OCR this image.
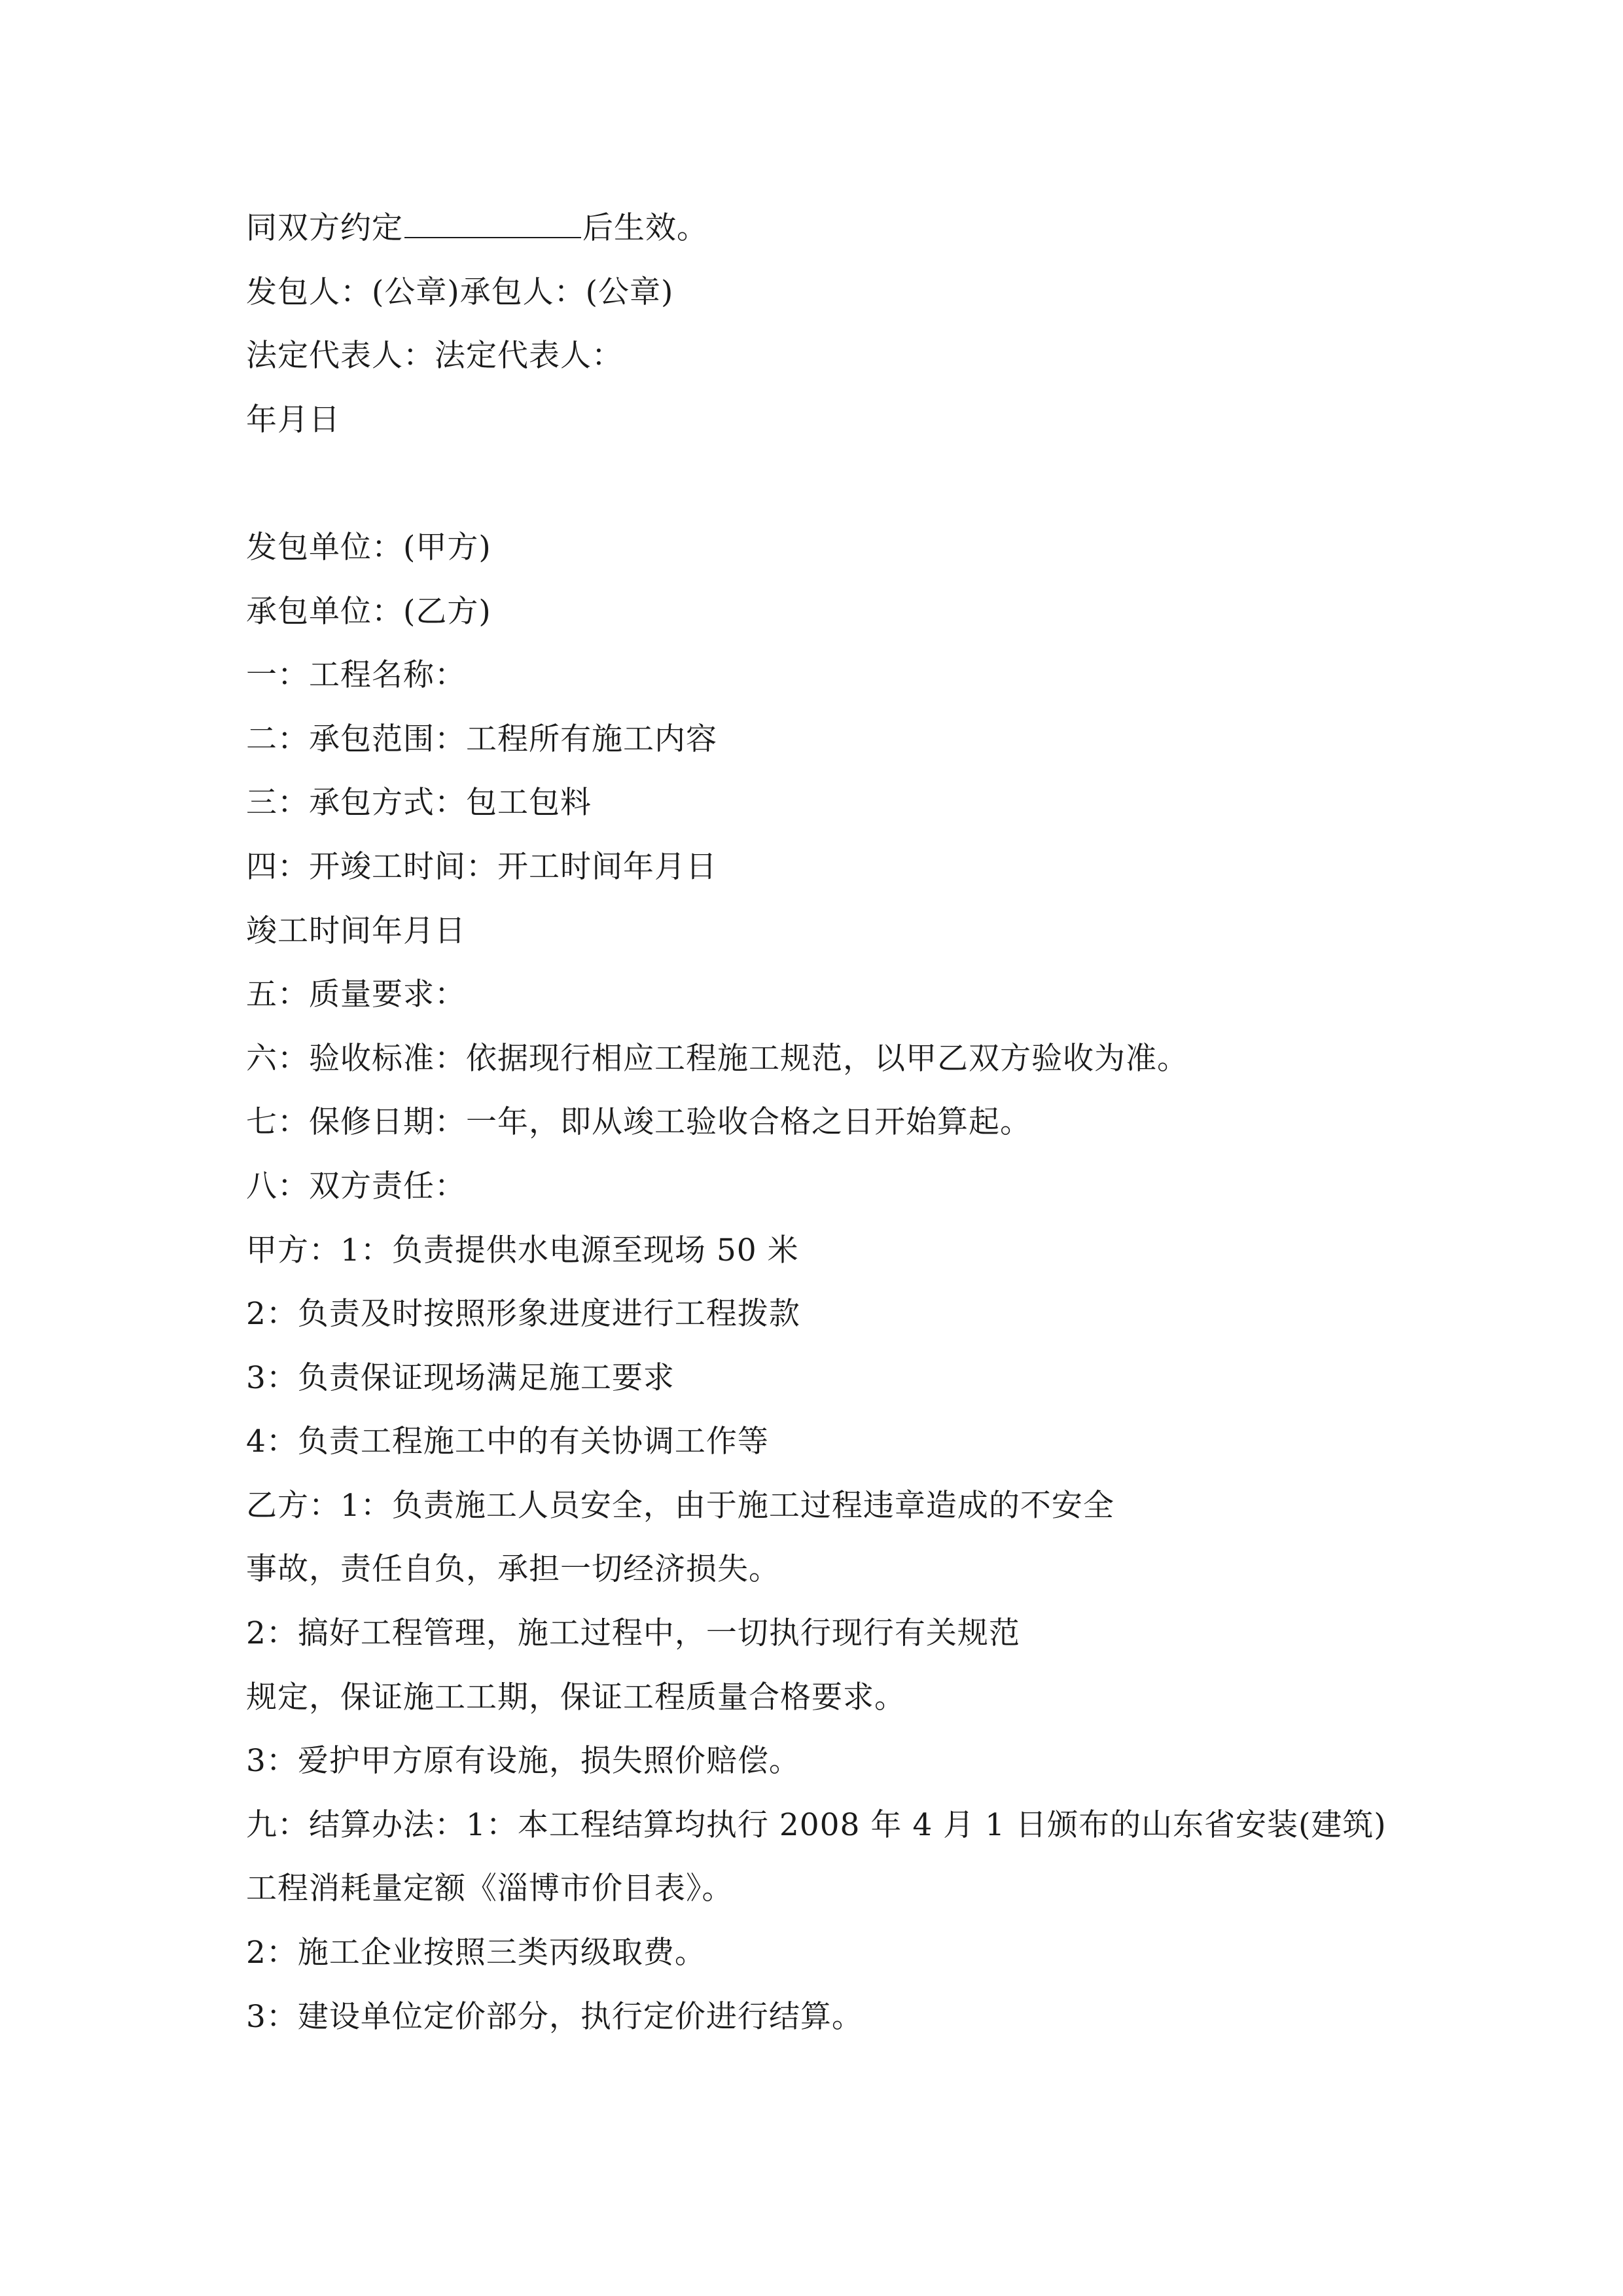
同双方约定	后生效。
发包人：(公章)承包人：(公章)
法定代表人：法定代表人：
年月日
发包单位：(甲方)
承包单位：(乙方)
一：工程名称：
二：承包范围：工程所有施工内容
三：承包方式：包工包料
四：开竣工时间：开工时间年月日
竣工时间年月日
五：质量要求：
六：验收标准：依据现行相应工程施工规范，以甲乙双方验收为准。
七：保修日期：一年，即从竣工验收合格之日开始算起。
八：双方责任：
甲方：1：负责提供水电源至现场 50 米
2：负责及时按照形象进度进行工程拨款
3：负责保证现场满足施工要求
4：负责工程施工中的有关协调工作等
乙方：1：负责施工人员安全，由于施工过程违章造成的不安全
事故，责任自负，承担一切经济损失。
2：搞好工程管理，施工过程中，一切执行现行有关规范
规定，保证施工工期，保证工程质量合格要求。
3：爱护甲方原有设施，损失照价赔偿。
九：结算办法：1：本工程结算均执行 2008 年 4 月 1 日颁布的山东省安装(建筑)
工程消耗量定额《淄博市价目表》。
2：施工企业按照三类丙级取费。
3：建设单位定价部分，执行定价进行结算。
